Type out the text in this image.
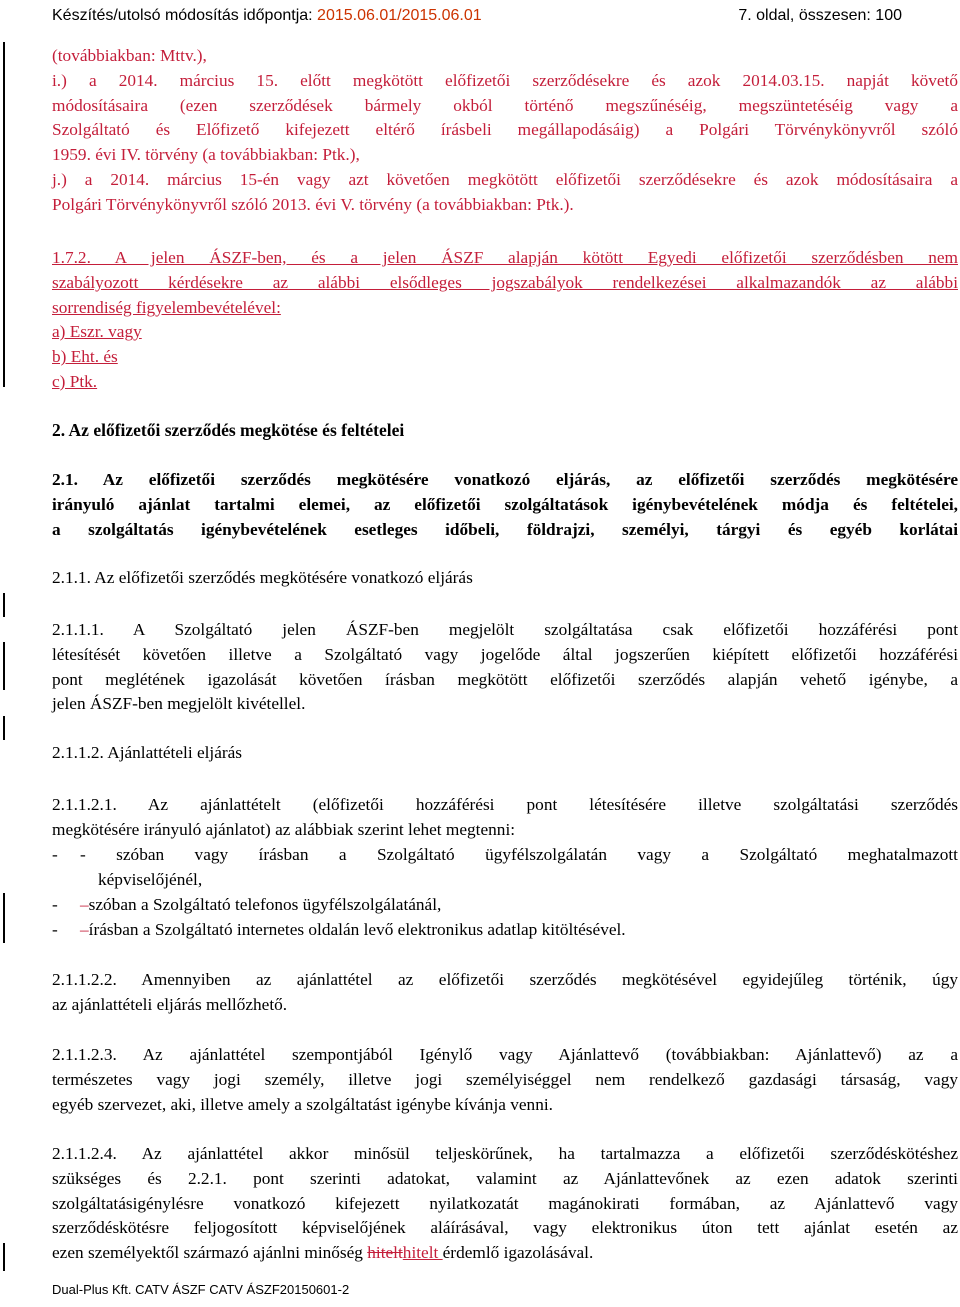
Készítés/utolsó módosítás időpontja: 2015.06.01/2015.06.01	7. oldal, összesen: 100
(továbbiakban: Mttv.),
i.) a 2014. március 15. előtt megkötött előfizetői szerződésekre és azok 2014.03.15. napját követő
módosításaira (ezen szerződések bármely okból történő megszűnéséig, megszüntetéséig vagy a
Szolgáltató és Előfizető kifejezett eltérő írásbeli megállapodásáig) a Polgári Törvénykönyvről szóló
1959. évi IV. törvény (a továbbiakban: Ptk.),
j.) a 2014. március 15-én vagy azt követően megkötött előfizetői szerződésekre és azok módosításaira a
Polgári Törvénykönyvről szóló 2013. évi V. törvény (a továbbiakban: Ptk.).
1.7.2. A jelen ÁSZF-ben, és a jelen ÁSZF alapján kötött Egyedi előfizetői szerződésben nem
szabályozott kérdésekre az alábbi elsődleges jogszabályok rendelkezései alkalmazandók az alábbi
sorrendiség figyelembevételével:
a) Eszr. vagy
b) Eht. és
c) Ptk.
2. Az előfizetői szerződés megkötése és feltételei
2.1. Az előfizetői szerződés megkötésére vonatkozó eljárás, az előfizetői szerződés megkötésére
irányuló ajánlat tartalmi elemei, az előfizetői szolgáltatások igénybevételének módja és feltételei,
a szolgáltatás igénybevételének esetleges időbeli, földrajzi, személyi, tárgyi és egyéb korlátai
2.1.1. Az előfizetői szerződés megkötésére vonatkozó eljárás
2.1.1.1. A Szolgáltató jelen ÁSZF-ben megjelölt szolgáltatása csak előfizetői hozzáférési pont
létesítését követően illetve a Szolgáltató vagy jogelőde által jogszerűen kiépített előfizetői hozzáférési
pont meglétének igazolását követően írásban megkötött előfizetői szerződés alapján vehető igénybe, a
jelen ÁSZF-ben megjelölt kivétellel.
2.1.1.2. Ajánlattételi eljárás
2.1.1.2.1. Az ajánlattételt (előfizetői hozzáférési pont létesítésére illetve szolgáltatási szerződés
megkötésére irányuló ajánlatot) az alábbiak szerint lehet megtenni:
- - szóban vagy írásban a Szolgáltató ügyfélszolgálatán vagy a Szolgáltató meghatalmazott
képviselőjénél,
- –szóban a Szolgáltató telefonos ügyfélszolgálatánál,
- –írásban a Szolgáltató internetes oldalán levő elektronikus adatlap kitöltésével.
2.1.1.2.2. Amennyiben az ajánlattétel az előfizetői szerződés megkötésével egyidejűleg történik, úgy
az ajánlattételi eljárás mellőzhető.
2.1.1.2.3. Az ajánlattétel szempontjából Igénylő vagy Ajánlattevő (továbbiakban: Ajánlattevő) az a
természetes vagy jogi személy, illetve jogi személyiséggel nem rendelkező gazdasági társaság, vagy
egyéb szervezet, aki, illetve amely a szolgáltatást igénybe kívánja venni.
2.1.1.2.4. Az ajánlattétel akkor minősül teljeskörűnek, ha tartalmazza a előfizetői szerződéskötéshez
szükséges és 2.2.1. pont szerinti adatokat, valamint az Ajánlattevőnek az ezen adatok szerinti
szolgáltatásigénylésre vonatkozó kifejezett nyilatkozatát magánokirati formában, az Ajánlattevő vagy
szerződéskötésre feljogosított képviselőjének aláírásával, vagy elektronikus úton tett ajánlat esetén az
ezen személyektől származó ajánlni minőség hitelthitelt érdemlő igazolásával.
Dual-Plus Kft. CATV ÁSZF CATV ÁSZF20150601-2
